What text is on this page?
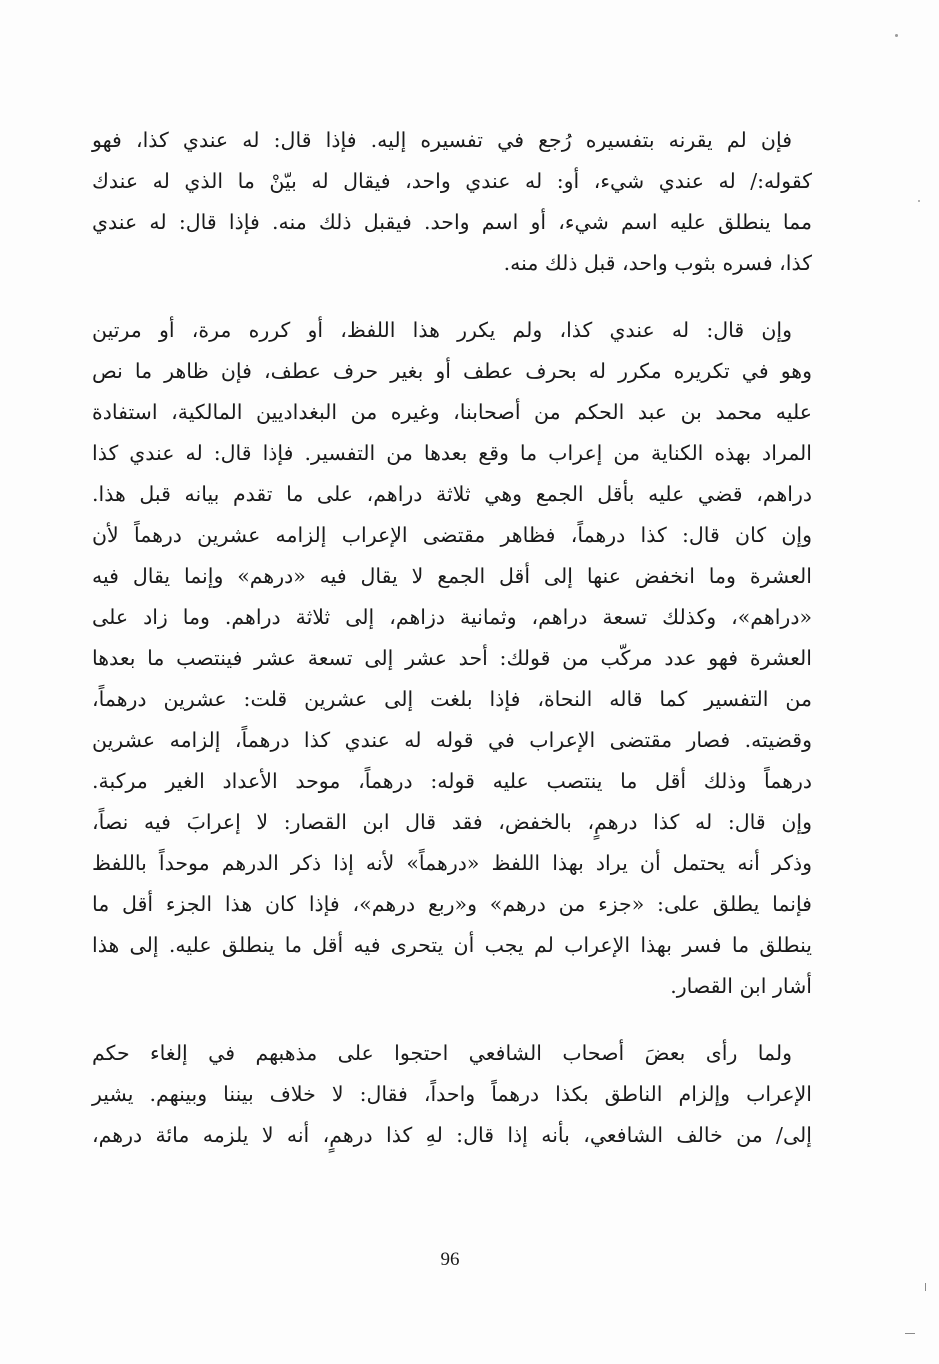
فإن لم يقرنه بتفسيره رُجع في تفسيره إليه. فإذا قال: له عندي كذا، فهو
كقوله:/ له عندي شيء، أو: له عندي واحد، فيقال له بيّنْ ما الذي له عندك
مما ينطلق عليه اسم شيء، أو اسم واحد. فيقبل ذلك منه. فإذا قال: له عندي
كذا، فسره بثوب واحد، قبل ذلك منه.
وإن قال: له عندي كذا، ولم يكرر هذا اللفظ، أو كرره مرة، أو مرتين
وهو في تكريره مكرر له بحرف عطف أو بغير حرف عطف، فإن ظاهر ما نص
عليه محمد بن عبد الحكم من أصحابنا، وغيره من البغداديين المالكية، استفادة
المراد بهذه الكناية من إعراب ما وقع بعدها من التفسير. فإذا قال: له عندي كذا
دراهم، قضي عليه بأقل الجمع وهي ثلاثة دراهم، على ما تقدم بيانه قبل هذا.
وإن كان قال: كذا درهماً، فظاهر مقتضى الإعراب إلزامه عشرين درهماً لأن
العشرة وما انخفض عنها إلى أقل الجمع لا يقال فيه «درهم» وإنما يقال فيه
«دراهم»، وكذلك تسعة دراهم، وثمانية دزاهم، إلى ثلاثة دراهم. وما زاد على
العشرة فهو عدد مركّب من قولك: أحد عشر إلى تسعة عشر فينتصب ما بعدها
من التفسير كما قاله النحاة، فإذا بلغت إلى عشرين قلت: عشرين درهماً،
وقضيته. فصار مقتضى الإعراب في قوله له عندي كذا درهماً، إلزامه عشرين
درهماً وذلك أقل ما ينتصب عليه قوله: درهماً، موحد الأعداد الغير مركبة.
وإن قال: له كذا درهمٍ، بالخفض، فقد قال ابن القصار: لا إعرابَ فيه نصاً،
وذكر أنه يحتمل أن يراد بهذا اللفظ «درهماً» لأنه إذا ذكر الدرهم موحداً باللفظ
فإنما يطلق على: «جزء من درهم» و«ربع درهم»، فإذا كان هذا الجزء أقل ما
ينطلق ما فسر بهذا الإعراب لم يجب أن يتحرى فيه أقل ما ينطلق عليه. إلى هذا
أشار ابن القصار.
ولما رأى بعضَ أصحاب الشافعي احتجوا على مذهبهم في إلغاء حكم
الإعراب وإلزام الناطق بكذا درهماً واحداً، فقال: لا خلاف بيننا وبينهم. يشير
إلى/ من خالف الشافعي، بأنه إذا قال: لهِ كذا درهمٍ، أنه لا يلزمه مائة درهم،
96
